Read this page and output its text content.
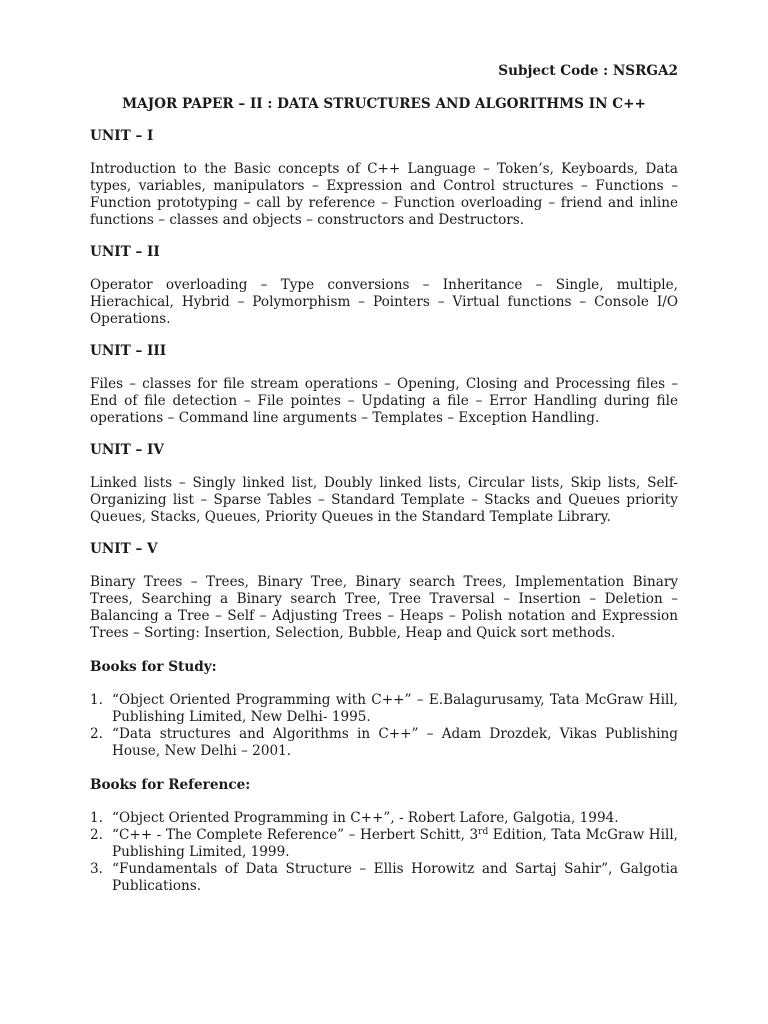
Subject Code : NSRGA2

MAJOR PAPER – II : DATA STRUCTURES AND ALGORITHMS IN C++

UNIT – I

Introduction to the Basic concepts of C++ Language – Token’s, Keyboards, Data types, variables, manipulators – Expression and Control structures – Functions – Function prototyping – call by reference – Function overloading – friend and inline functions – classes and objects – constructors and Destructors.

UNIT – II

Operator overloading – Type conversions – Inheritance – Single, multiple, Hierachical, Hybrid – Polymorphism – Pointers – Virtual functions – Console I/O Operations.

UNIT – III

Files – classes for file stream operations – Opening, Closing and Processing files – End of file detection – File pointes – Updating a file – Error Handling during file operations – Command line arguments – Templates – Exception Handling.

UNIT – IV

Linked lists – Singly linked list, Doubly linked lists, Circular lists, Skip lists, Self-Organizing list – Sparse Tables – Standard Template – Stacks and Queues priority Queues, Stacks, Queues, Priority Queues in the Standard Template Library.

UNIT – V

Binary Trees – Trees, Binary Tree, Binary search Trees, Implementation Binary Trees, Searching a Binary search Tree, Tree Traversal – Insertion – Deletion – Balancing a Tree – Self – Adjusting Trees – Heaps – Polish notation and Expression Trees – Sorting: Insertion, Selection, Bubble, Heap and Quick sort methods.

Books for Study:

1. “Object Oriented Programming with C++” – E.Balagurusamy, Tata McGraw Hill, Publishing Limited, New Delhi- 1995.
2. “Data structures and Algorithms in C++” – Adam Drozdek, Vikas Publishing House, New Delhi – 2001.

Books for Reference:

1. “Object Oriented Programming in C++”, - Robert Lafore, Galgotia, 1994.
2. “C++ - The Complete Reference” – Herbert Schitt, 3rd Edition, Tata McGraw Hill, Publishing Limited, 1999.
3. “Fundamentals of Data Structure – Ellis Horowitz and Sartaj Sahir”, Galgotia Publications.
